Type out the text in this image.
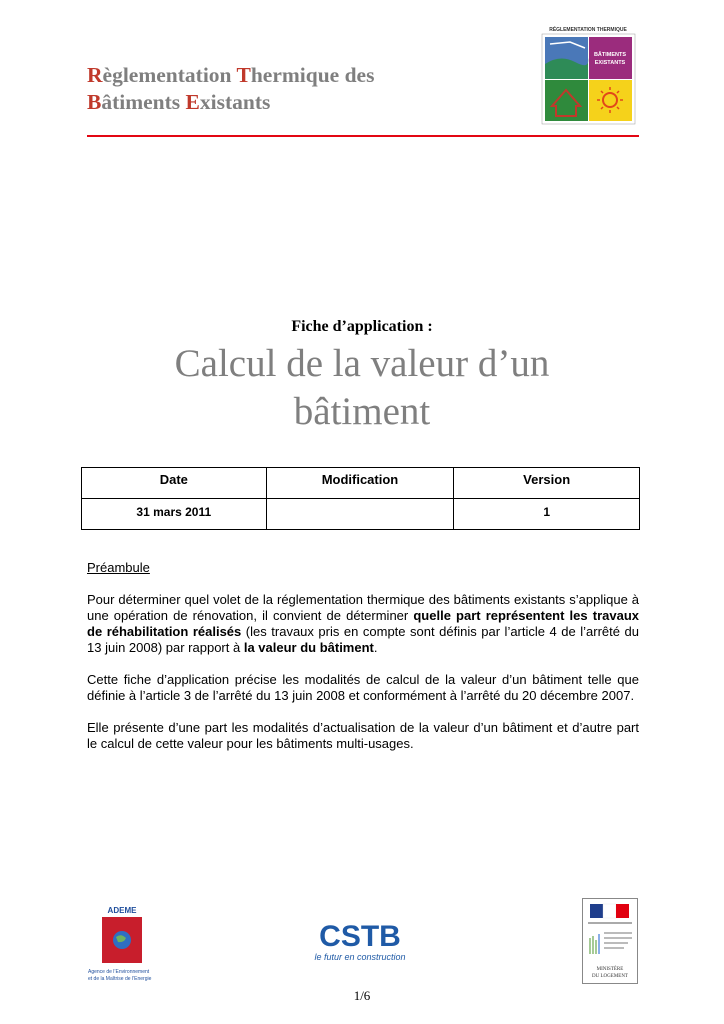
Règlementation Thermique des
Bâtiments Existants
RÉGLEMENTATION THERMIQUE
BÂTIMENTS
EXISTANTS
Fiche d’application :
Calcul de la valeur d’un
bâtiment
Date	Modification	Version
31 mars 2011		1

Préambule

Pour déterminer quel volet de la réglementation thermique des bâtiments existants s’applique à une opération de rénovation, il convient de déterminer quelle part représentent les travaux de réhabilitation réalisés (les travaux pris en compte sont définis par l’article 4 de l’arrêté du 13 juin 2008) par rapport à la valeur du bâtiment.

Cette fiche d’application précise les modalités de calcul de la valeur d’un bâtiment telle que définie à l’article 3 de l’arrêté du 13 juin 2008 et conformément à l’arrêté du 20 décembre 2007.

Elle présente d’une part les modalités d’actualisation de la valeur d’un bâtiment et d’autre part le calcul de cette valeur pour les bâtiments multi-usages.

ADEME
Agence de l’Environnement
et de la Maîtrise de l’Energie
CSTB
le futur en construction
MINISTÈRE
DU LOGEMENT
1/6
